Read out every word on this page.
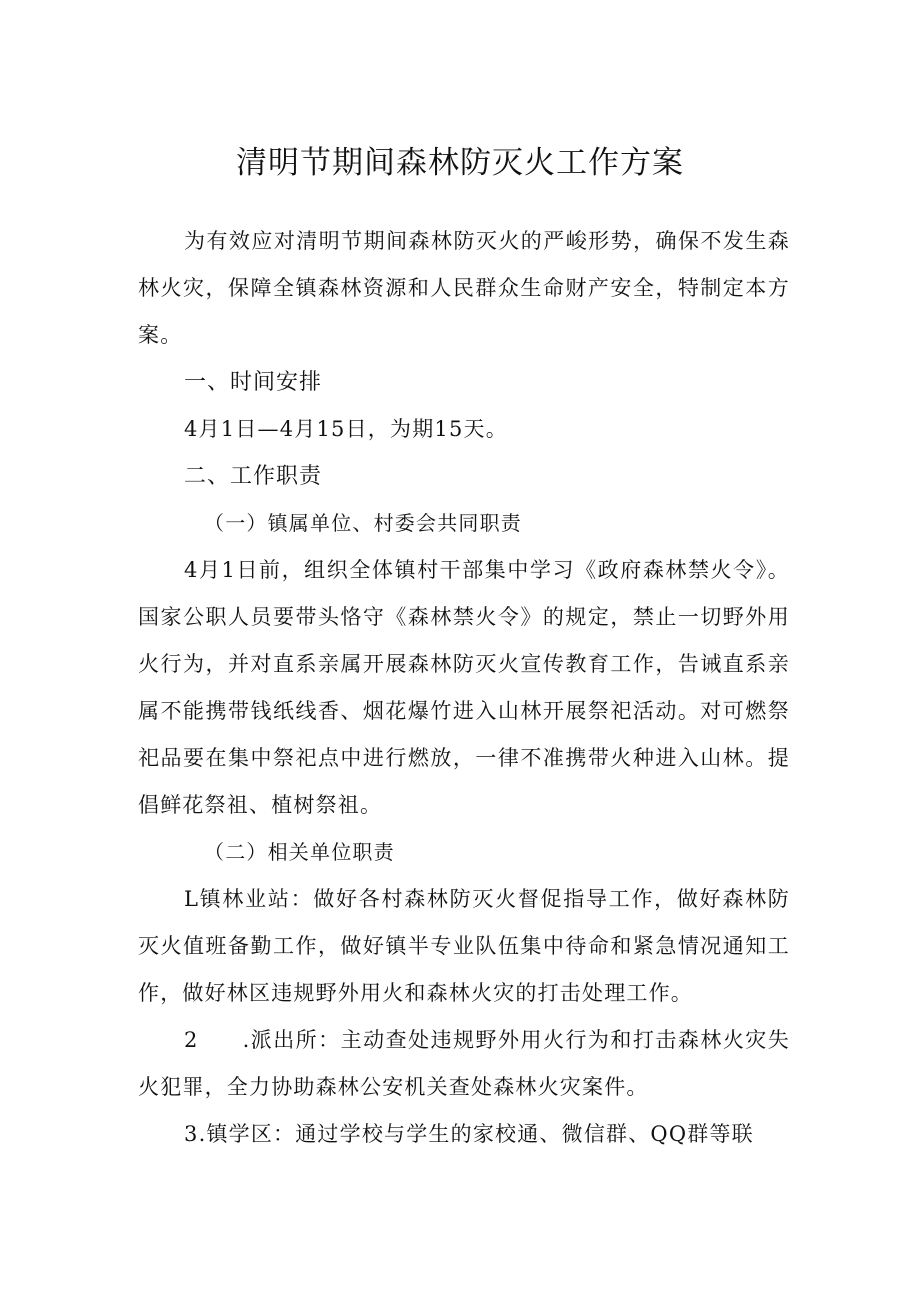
清明节期间森林防灭火工作方案

为有效应对清明节期间森林防灭火的严峻形势，确保不发生森林火灾，保障全镇森林资源和人民群众生命财产安全，特制定本方案。

一、时间安排

4月1日—4月15日，为期15天。

二、工作职责

（一）镇属单位、村委会共同职责

4月1日前，组织全体镇村干部集中学习《政府森林禁火令》。国家公职人员要带头恪守《森林禁火令》的规定，禁止一切野外用火行为，并对直系亲属开展森林防灭火宣传教育工作，告诫直系亲属不能携带钱纸线香、烟花爆竹进入山林开展祭祀活动。对可燃祭祀品要在集中祭祀点中进行燃放，一律不准携带火种进入山林。提倡鲜花祭祖、植树祭祖。

（二）相关单位职责

L镇林业站：做好各村森林防灭火督促指导工作，做好森林防灭火值班备勤工作，做好镇半专业队伍集中待命和紧急情况通知工作，做好林区违规野外用火和森林火灾的打击处理工作。

2 .派出所：主动查处违规野外用火行为和打击森林火灾失火犯罪，全力协助森林公安机关查处森林火灾案件。

3.镇学区：通过学校与学生的家校通、微信群、QQ群等联
